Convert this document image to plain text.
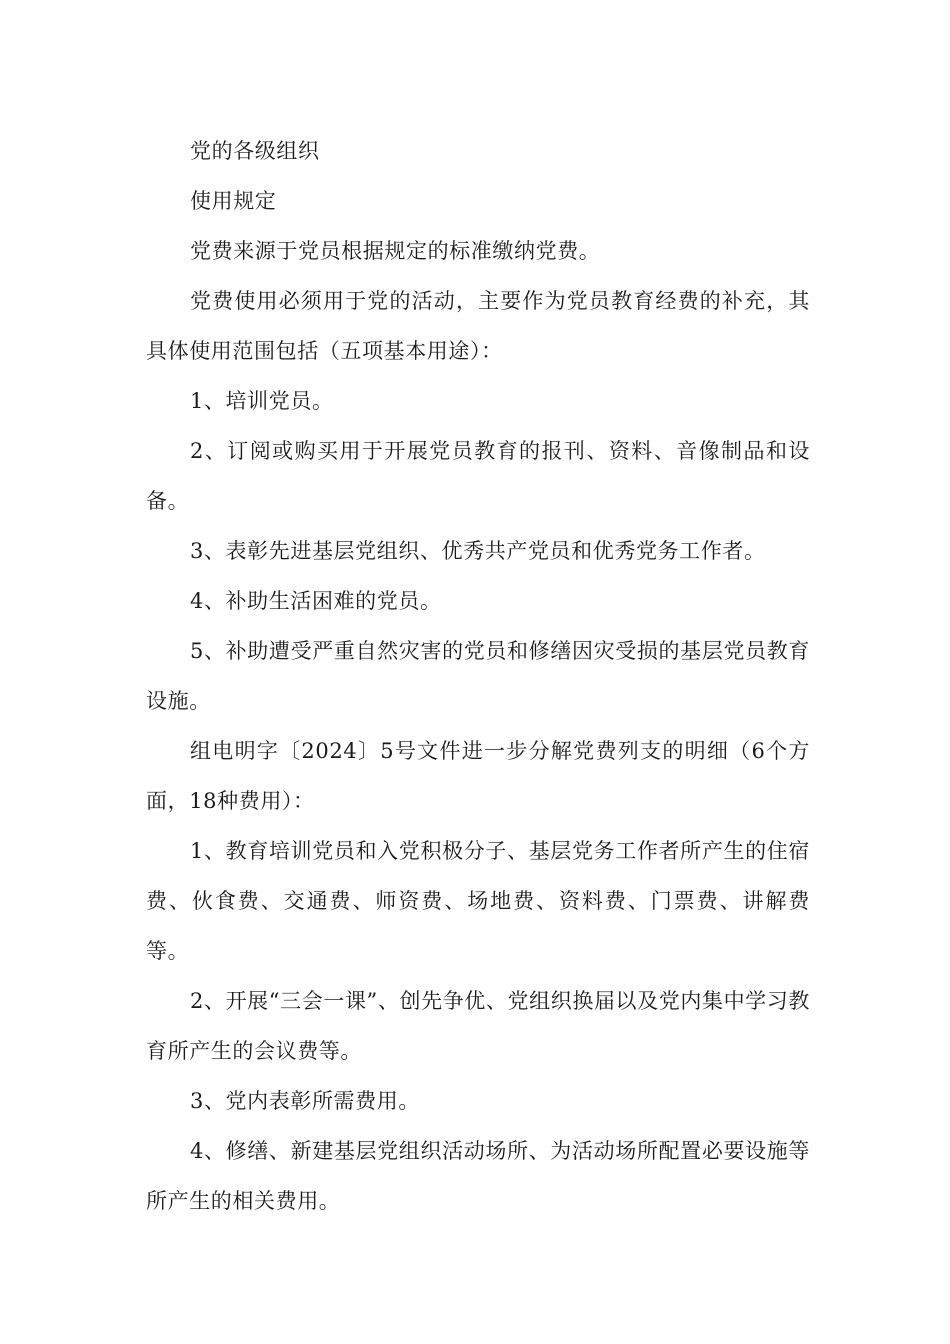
党的各级组织

使用规定

党费来源于党员根据规定的标准缴纳党费。

党费使用必须用于党的活动，主要作为党员教育经费的补充，其具体使用范围包括（五项基本用途）：

1、培训党员。

2、订阅或购买用于开展党员教育的报刊、资料、音像制品和设备。

3、表彰先进基层党组织、优秀共产党员和优秀党务工作者。

4、补助生活困难的党员。

5、补助遭受严重自然灾害的党员和修缮因灾受损的基层党员教育设施。

组电明字〔2024〕5号文件进一步分解党费列支的明细（6个方面，18种费用）：

1、教育培训党员和入党积极分子、基层党务工作者所产生的住宿费、伙食费、交通费、师资费、场地费、资料费、门票费、讲解费等。

2、开展“三会一课”、创先争优、党组织换届以及党内集中学习教育所产生的会议费等。

3、党内表彰所需费用。

4、修缮、新建基层党组织活动场所、为活动场所配置必要设施等所产生的相关费用。
